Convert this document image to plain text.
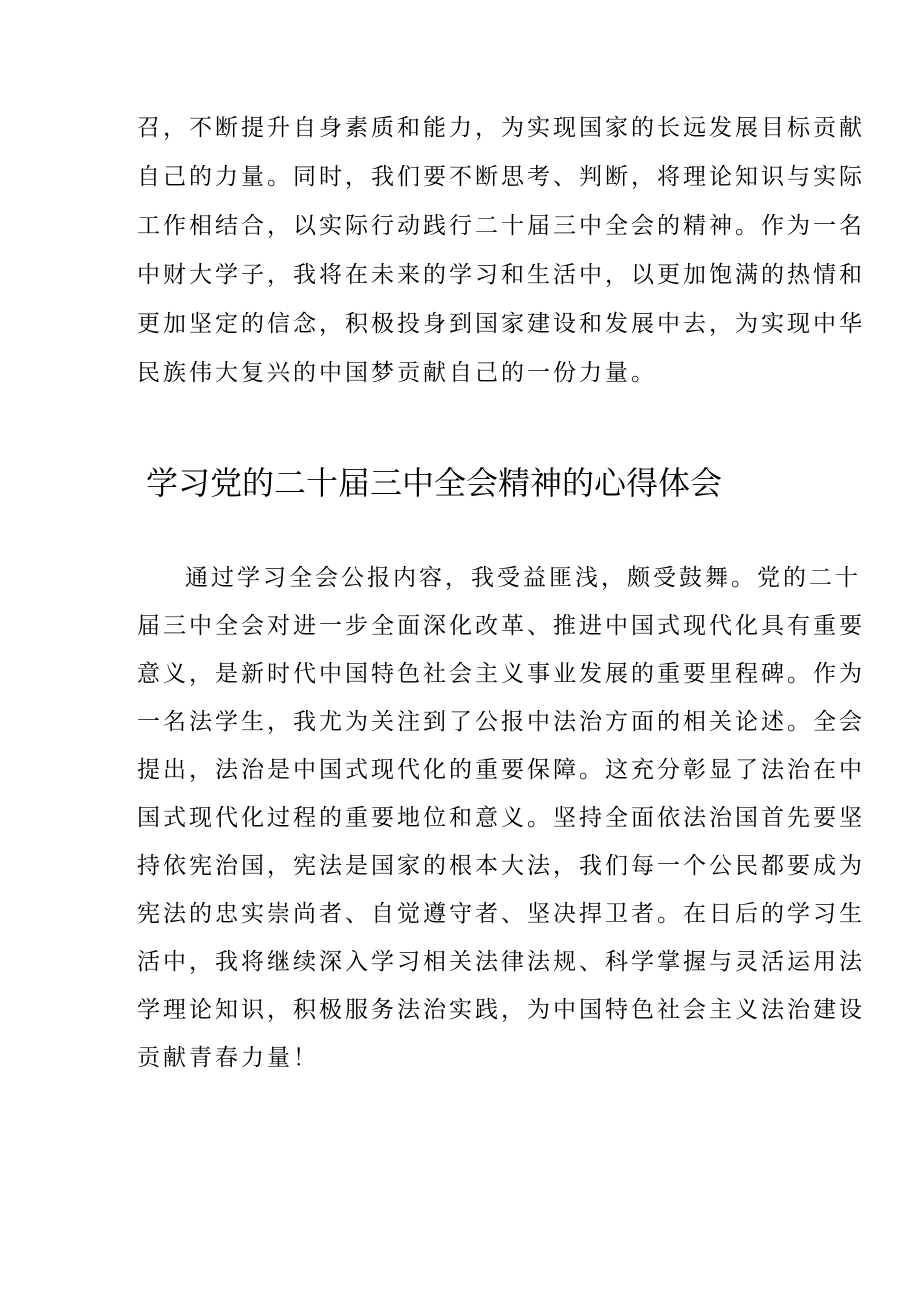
召，不断提升自身素质和能力，为实现国家的长远发展目标贡献
自己的力量。同时，我们要不断思考、判断，将理论知识与实际
工作相结合，以实际行动践行二十届三中全会的精神。作为一名
中财大学子，我将在未来的学习和生活中，以更加饱满的热情和
更加坚定的信念，积极投身到国家建设和发展中去，为实现中华
民族伟大复兴的中国梦贡献自己的一份力量。
学习党的二十届三中全会精神的心得体会
通过学习全会公报内容，我受益匪浅，颇受鼓舞。党的二十
届三中全会对进一步全面深化改革、推进中国式现代化具有重要
意义，是新时代中国特色社会主义事业发展的重要里程碑。作为
一名法学生，我尤为关注到了公报中法治方面的相关论述。全会
提出，法治是中国式现代化的重要保障。这充分彰显了法治在中
国式现代化过程的重要地位和意义。坚持全面依法治国首先要坚
持依宪治国，宪法是国家的根本大法，我们每一个公民都要成为
宪法的忠实崇尚者、自觉遵守者、坚决捍卫者。在日后的学习生
活中，我将继续深入学习相关法律法规、科学掌握与灵活运用法
学理论知识，积极服务法治实践，为中国特色社会主义法治建设
贡献青春力量！
